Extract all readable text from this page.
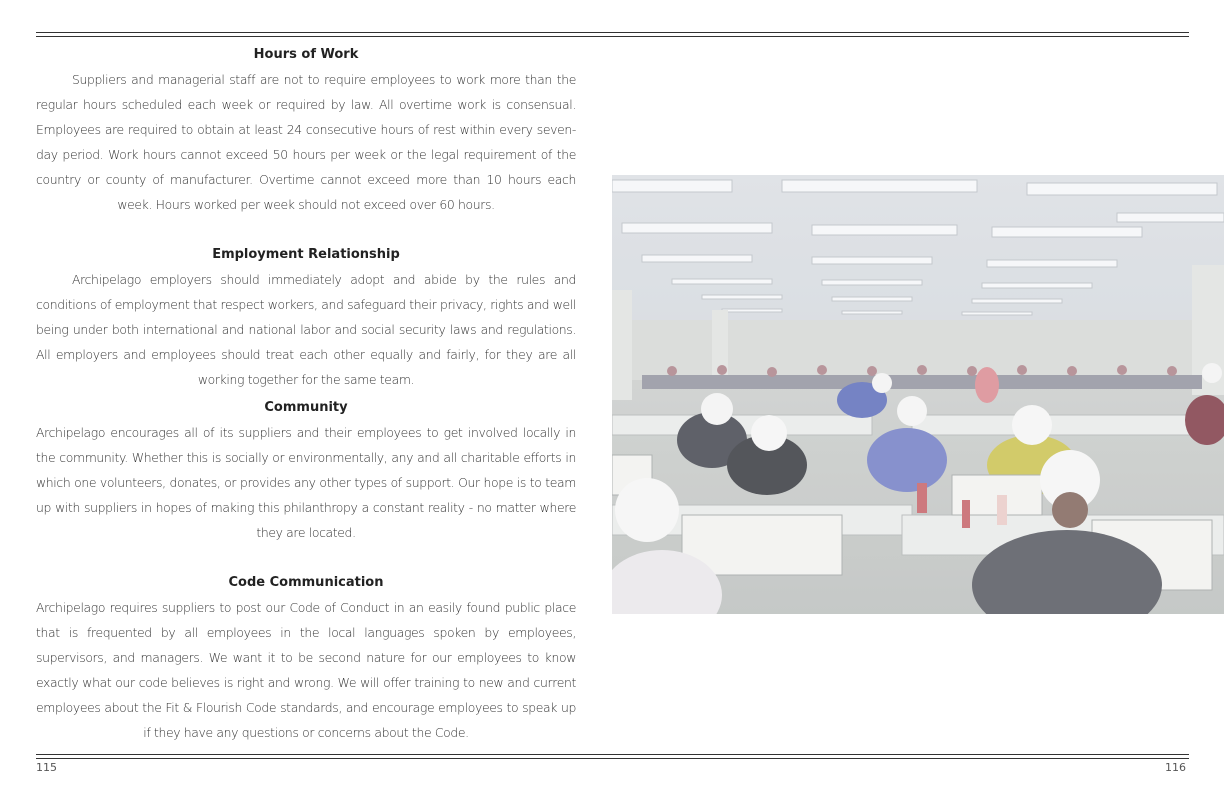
Hours of Work

Suppliers and managerial staff are not to require employees to work more than the regular hours scheduled each week or required by law. All overtime work is consensual. Employees are required to obtain at least 24 consecutive hours of rest within every seven-day period. Work hours cannot exceed 50 hours per week or the legal requirement of the country or county of manufacturer. Overtime cannot exceed more than 10 hours each week. Hours worked per week should not exceed over 60 hours.

Employment Relationship

Archipelago employers should immediately adopt and abide by the rules and conditions of employment that respect workers, and safeguard their privacy, rights and well being under both international and national labor and social security laws and regulations. All employers and employees should treat each other equally and fairly, for they are all working together for the same team.

Community

Archipelago encourages all of its suppliers and their employees to get involved locally in the community. Whether this is socially or environmentally, any and all charitable efforts in which one volunteers, donates, or provides any other types of support. Our hope is to team up with suppliers in hopes of making this philanthropy a constant reality - no matter where they are located.

Code Communication

Archipelago requires suppliers to post our Code of Conduct in an easily found public place that is frequented by all employees in the local languages spoken by employees, supervisors, and managers. We want it to be second nature for our employees to know exactly what our code believes is right and wrong. We will offer training to new and current employees about the Fit & Flourish Code standards, and encourage employees to speak up if they have any questions or concerns about the Code.

115	116
